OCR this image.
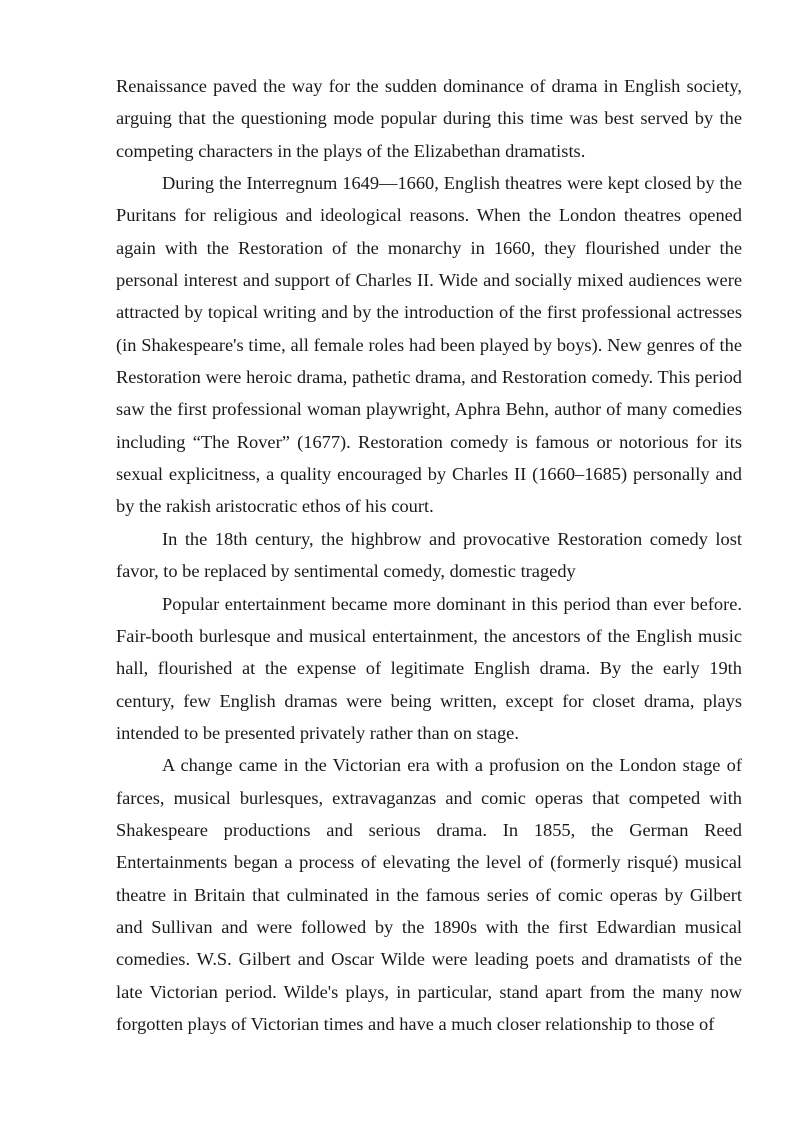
Renaissance paved the way for the sudden dominance of drama in English society, arguing that the questioning mode popular during this time was best served by the competing characters in the plays of the Elizabethan dramatists.

During the Interregnum 1649—1660, English theatres were kept closed by the Puritans for religious and ideological reasons. When the London theatres opened again with the Restoration of the monarchy in 1660, they flourished under the personal interest and support of Charles II. Wide and socially mixed audiences were attracted by topical writing and by the introduction of the first professional actresses (in Shakespeare's time, all female roles had been played by boys). New genres of the Restoration were heroic drama, pathetic drama, and Restoration comedy. This period saw the first professional woman playwright, Aphra Behn, author of many comedies including “The Rover” (1677). Restoration comedy is famous or notorious for its sexual explicitness, a quality encouraged by Charles II (1660–1685) personally and by the rakish aristocratic ethos of his court.

In the 18th century, the highbrow and provocative Restoration comedy lost favor, to be replaced by sentimental comedy, domestic tragedy

Popular entertainment became more dominant in this period than ever before. Fair-booth burlesque and musical entertainment, the ancestors of the English music hall, flourished at the expense of legitimate English drama. By the early 19th century, few English dramas were being written, except for closet drama, plays intended to be presented privately rather than on stage.

A change came in the Victorian era with a profusion on the London stage of farces, musical burlesques, extravaganzas and comic operas that competed with Shakespeare productions and serious drama. In 1855, the German Reed Entertainments began a process of elevating the level of (formerly risqué) musical theatre in Britain that culminated in the famous series of comic operas by Gilbert and Sullivan and were followed by the 1890s with the first Edwardian musical comedies. W.S. Gilbert and Oscar Wilde were leading poets and dramatists of the late Victorian period. Wilde's plays, in particular, stand apart from the many now forgotten plays of Victorian times and have a much closer relationship to those of
